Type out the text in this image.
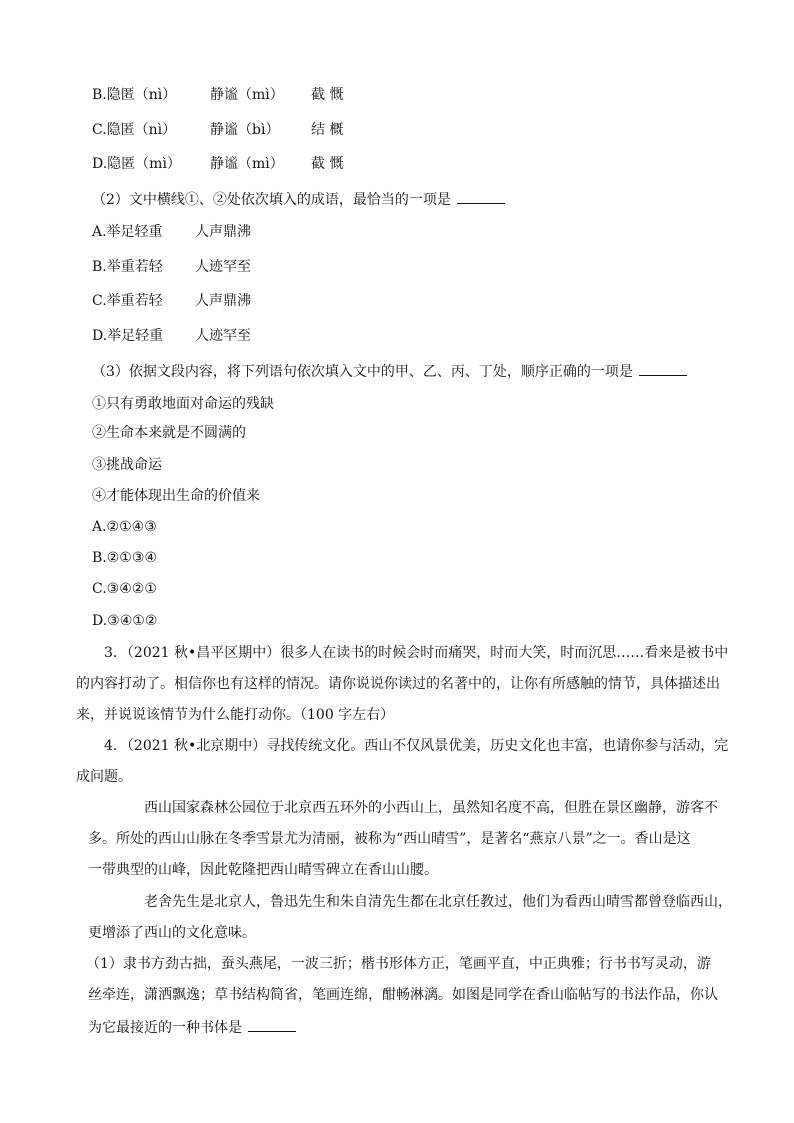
B.隐匿（nì） 静谧（mì） 截 慨
C.隐匿（nì） 静谧（bì） 结 概
D.隐匿（mì） 静谧（mì） 截 慨
（2）文中横线①、②处依次填入的成语，最恰当的一项是
A.举足轻重 人声鼎沸
B.举重若轻 人迹罕至
C.举重若轻 人声鼎沸
D.举足轻重 人迹罕至
（3）依据文段内容，将下列语句依次填入文中的甲、乙、丙、丁处，顺序正确的一项是
①只有勇敢地面对命运的残缺
②生命本来就是不圆满的
③挑战命运
④才能体现出生命的价值来
A.②①④③
B.②①③④
C.③④②①
D.③④①②
3．（2021 秋•昌平区期中）很多人在读书的时候会时而痛哭，时而大笑，时而沉思……看来是被书中
的内容打动了。相信你也有这样的情况。请你说说你读过的名著中的，让你有所感触的情节，具体描述出
来，并说说该情节为什么能打动你。（100 字左右）
4．（2021 秋•北京期中）寻找传统文化。西山不仅风景优美，历史文化也丰富，也请你参与活动，完
成问题。
西山国家森林公园位于北京西五环外的小西山上，虽然知名度不高，但胜在景区幽静，游客不
多。所处的西山山脉在冬季雪景尤为清丽，被称为“西山晴雪”，是著名“燕京八景”之一。香山是这
一带典型的山峰，因此乾隆把西山晴雪碑立在香山山腰。
老舍先生是北京人，鲁迅先生和朱自清先生都在北京任教过，他们为看西山晴雪都曾登临西山，
更增添了西山的文化意味。
（1）隶书方劲古拙，蚕头燕尾，一波三折；楷书形体方正，笔画平直，中正典雅；行书书写灵动，游
丝牵连，潇洒飘逸；草书结构简省，笔画连绵，酣畅淋漓。如图是同学在香山临帖写的书法作品，你认
为它最接近的一种书体是
